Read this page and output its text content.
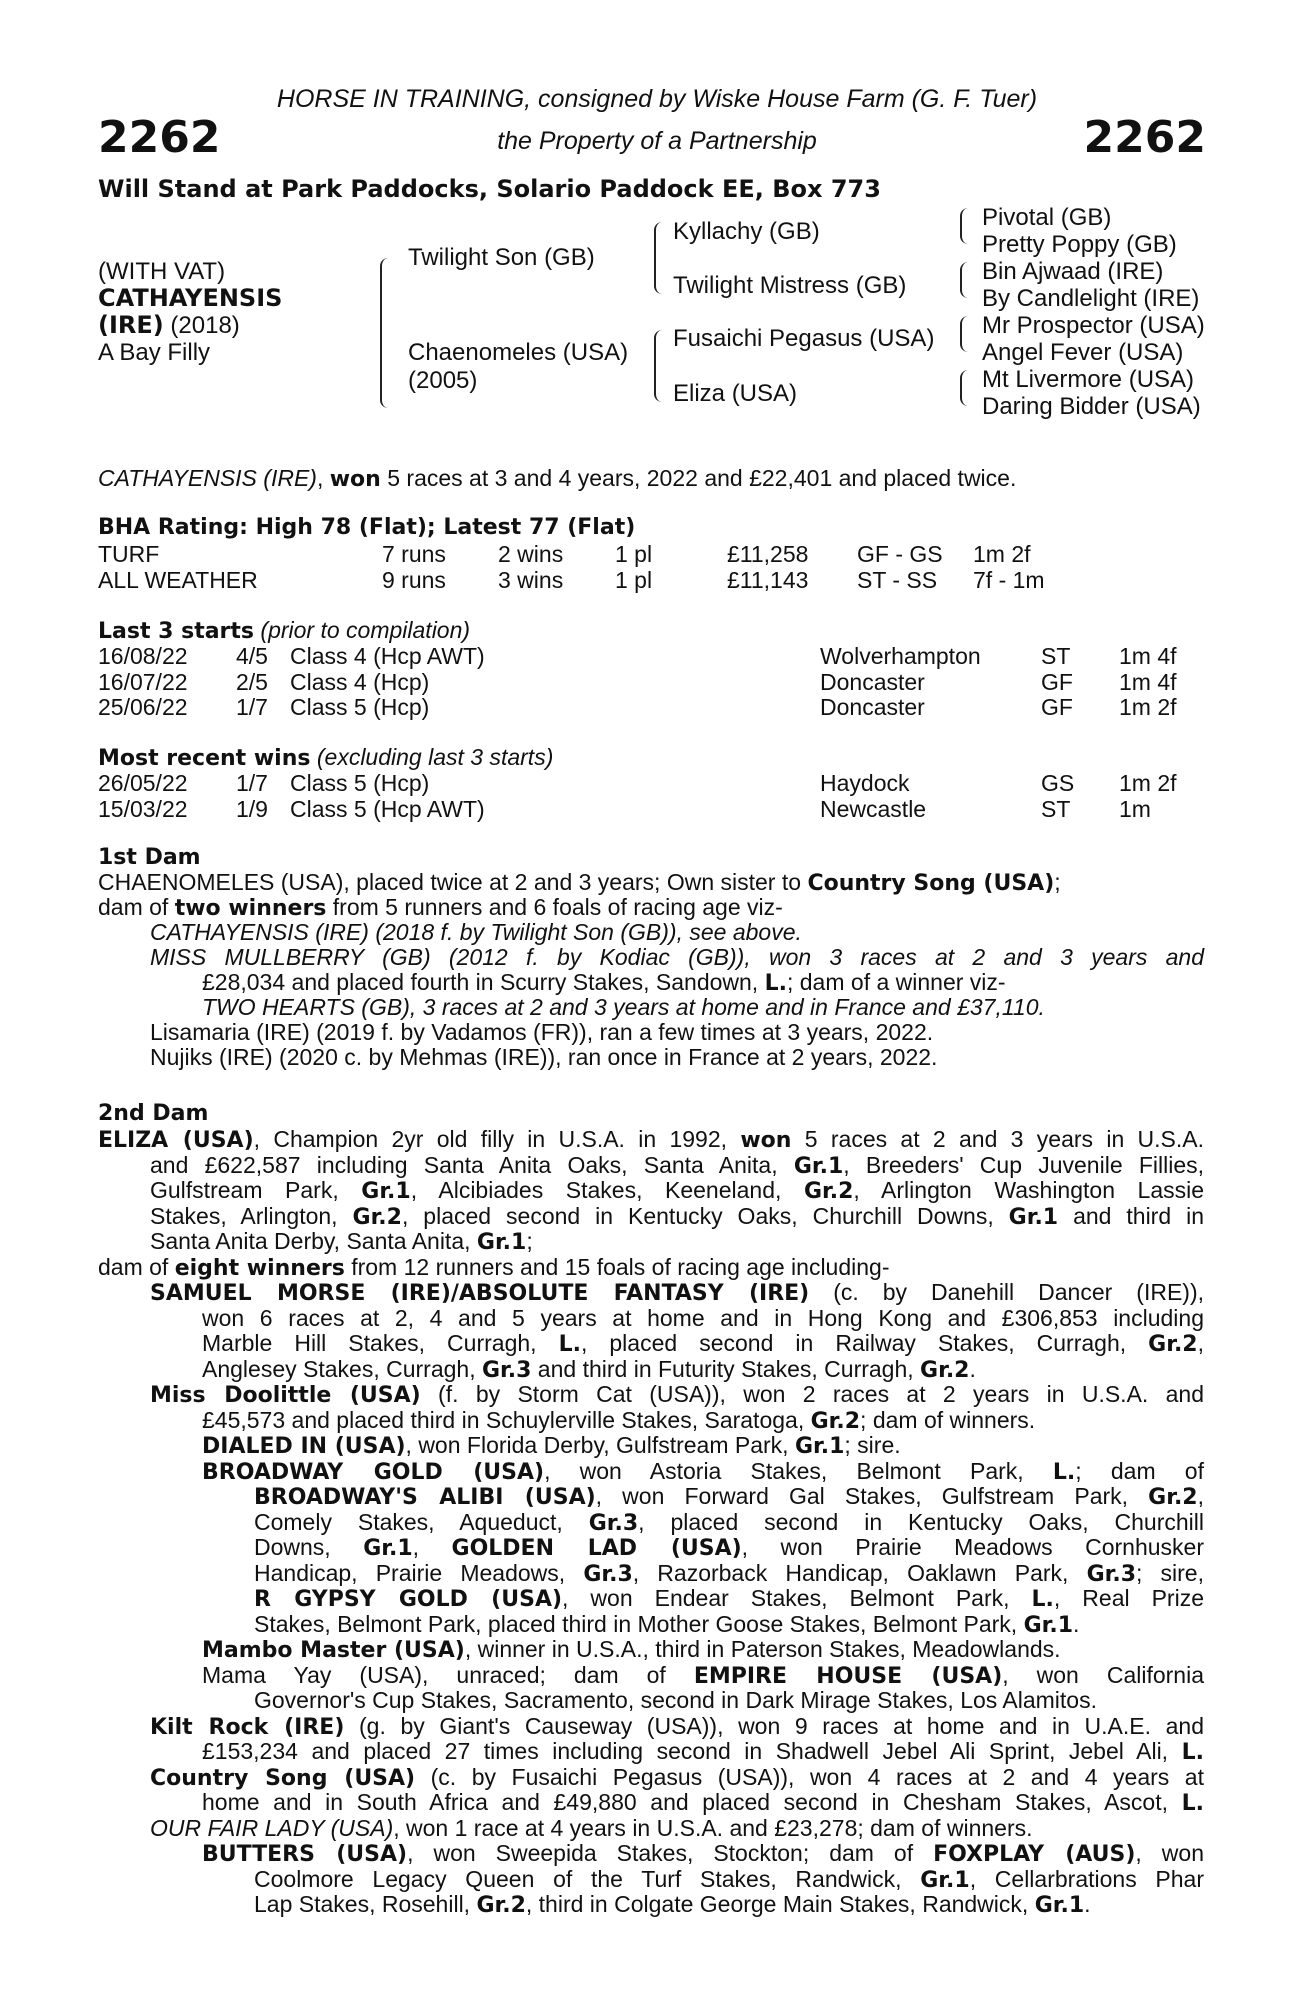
2262	2262
HORSE IN TRAINING, consigned by Wiske House Farm (G. F. Tuer)
the Property of a Partnership
Will Stand at Park Paddocks, Solario Paddock EE, Box 773
(WITH VAT)
CATHAYENSIS
(IRE) (2018)
A Bay Filly
Twilight Son (GB)
Chaenomeles (USA)
(2005)
Kyllachy (GB)
Twilight Mistress (GB)
Fusaichi Pegasus (USA)
Eliza (USA)
Pivotal (GB)
Pretty Poppy (GB)
Bin Ajwaad (IRE)
By Candlelight (IRE)
Mr Prospector (USA)
Angel Fever (USA)
Mt Livermore (USA)
Daring Bidder (USA)
CATHAYENSIS (IRE), won 5 races at 3 and 4 years, 2022 and £22,401 and placed twice.
BHA Rating: High 78 (Flat); Latest 77 (Flat)
TURF	7 runs 2 wins 1 pl	£11,258 GF - GS 1m 2f
ALL WEATHER	9 runs 3 wins 1 pl	£11,143 ST - SS 7f - 1m
Last 3 starts (prior to compilation)
16/08/22 4/5 Class 4 (Hcp AWT)	Wolverhampton	ST 1m 4f
16/07/22 2/5 Class 4 (Hcp)	Doncaster	GF 1m 4f
25/06/22 1/7 Class 5 (Hcp)	Doncaster	GF 1m 2f
Most recent wins (excluding last 3 starts)
26/05/22 1/7 Class 5 (Hcp)	Haydock	GS 1m 2f
15/03/22 1/9 Class 5 (Hcp AWT)	Newcastle	ST 1m
1st Dam
CHAENOMELES (USA), placed twice at 2 and 3 years; Own sister to Country Song (USA);
dam of two winners from 5 runners and 6 foals of racing age viz-
CATHAYENSIS (IRE) (2018 f. by Twilight Son (GB)), see above.
MISS MULLBERRY (GB) (2012 f. by Kodiac (GB)), won 3 races at 2 and 3 years and
£28,034 and placed fourth in Scurry Stakes, Sandown, L.; dam of a winner viz-
TWO HEARTS (GB), 3 races at 2 and 3 years at home and in France and £37,110.
Lisamaria (IRE) (2019 f. by Vadamos (FR)), ran a few times at 3 years, 2022.
Nujiks (IRE) (2020 c. by Mehmas (IRE)), ran once in France at 2 years, 2022.
2nd Dam
ELIZA (USA), Champion 2yr old filly in U.S.A. in 1992, won 5 races at 2 and 3 years in U.S.A.
and £622,587 including Santa Anita Oaks, Santa Anita, Gr.1, Breeders' Cup Juvenile Fillies,
Gulfstream Park, Gr.1, Alcibiades Stakes, Keeneland, Gr.2, Arlington Washington Lassie
Stakes, Arlington, Gr.2, placed second in Kentucky Oaks, Churchill Downs, Gr.1 and third in
Santa Anita Derby, Santa Anita, Gr.1;
dam of eight winners from 12 runners and 15 foals of racing age including-
SAMUEL MORSE (IRE)/ABSOLUTE FANTASY (IRE) (c. by Danehill Dancer (IRE)),
won 6 races at 2, 4 and 5 years at home and in Hong Kong and £306,853 including
Marble Hill Stakes, Curragh, L., placed second in Railway Stakes, Curragh, Gr.2,
Anglesey Stakes, Curragh, Gr.3 and third in Futurity Stakes, Curragh, Gr.2.
Miss Doolittle (USA) (f. by Storm Cat (USA)), won 2 races at 2 years in U.S.A. and
£45,573 and placed third in Schuylerville Stakes, Saratoga, Gr.2; dam of winners.
DIALED IN (USA), won Florida Derby, Gulfstream Park, Gr.1; sire.
BROADWAY GOLD (USA), won Astoria Stakes, Belmont Park, L.; dam of
BROADWAY'S ALIBI (USA), won Forward Gal Stakes, Gulfstream Park, Gr.2,
Comely Stakes, Aqueduct, Gr.3, placed second in Kentucky Oaks, Churchill
Downs, Gr.1, GOLDEN LAD (USA), won Prairie Meadows Cornhusker
Handicap, Prairie Meadows, Gr.3, Razorback Handicap, Oaklawn Park, Gr.3; sire,
R GYPSY GOLD (USA), won Endear Stakes, Belmont Park, L., Real Prize
Stakes, Belmont Park, placed third in Mother Goose Stakes, Belmont Park, Gr.1.
Mambo Master (USA), winner in U.S.A., third in Paterson Stakes, Meadowlands.
Mama Yay (USA), unraced; dam of EMPIRE HOUSE (USA), won California
Governor's Cup Stakes, Sacramento, second in Dark Mirage Stakes, Los Alamitos.
Kilt Rock (IRE) (g. by Giant's Causeway (USA)), won 9 races at home and in U.A.E. and
£153,234 and placed 27 times including second in Shadwell Jebel Ali Sprint, Jebel Ali, L.
Country Song (USA) (c. by Fusaichi Pegasus (USA)), won 4 races at 2 and 4 years at
home and in South Africa and £49,880 and placed second in Chesham Stakes, Ascot, L.
OUR FAIR LADY (USA), won 1 race at 4 years in U.S.A. and £23,278; dam of winners.
BUTTERS (USA), won Sweepida Stakes, Stockton; dam of FOXPLAY (AUS), won
Coolmore Legacy Queen of the Turf Stakes, Randwick, Gr.1, Cellarbrations Phar
Lap Stakes, Rosehill, Gr.2, third in Colgate George Main Stakes, Randwick, Gr.1.
